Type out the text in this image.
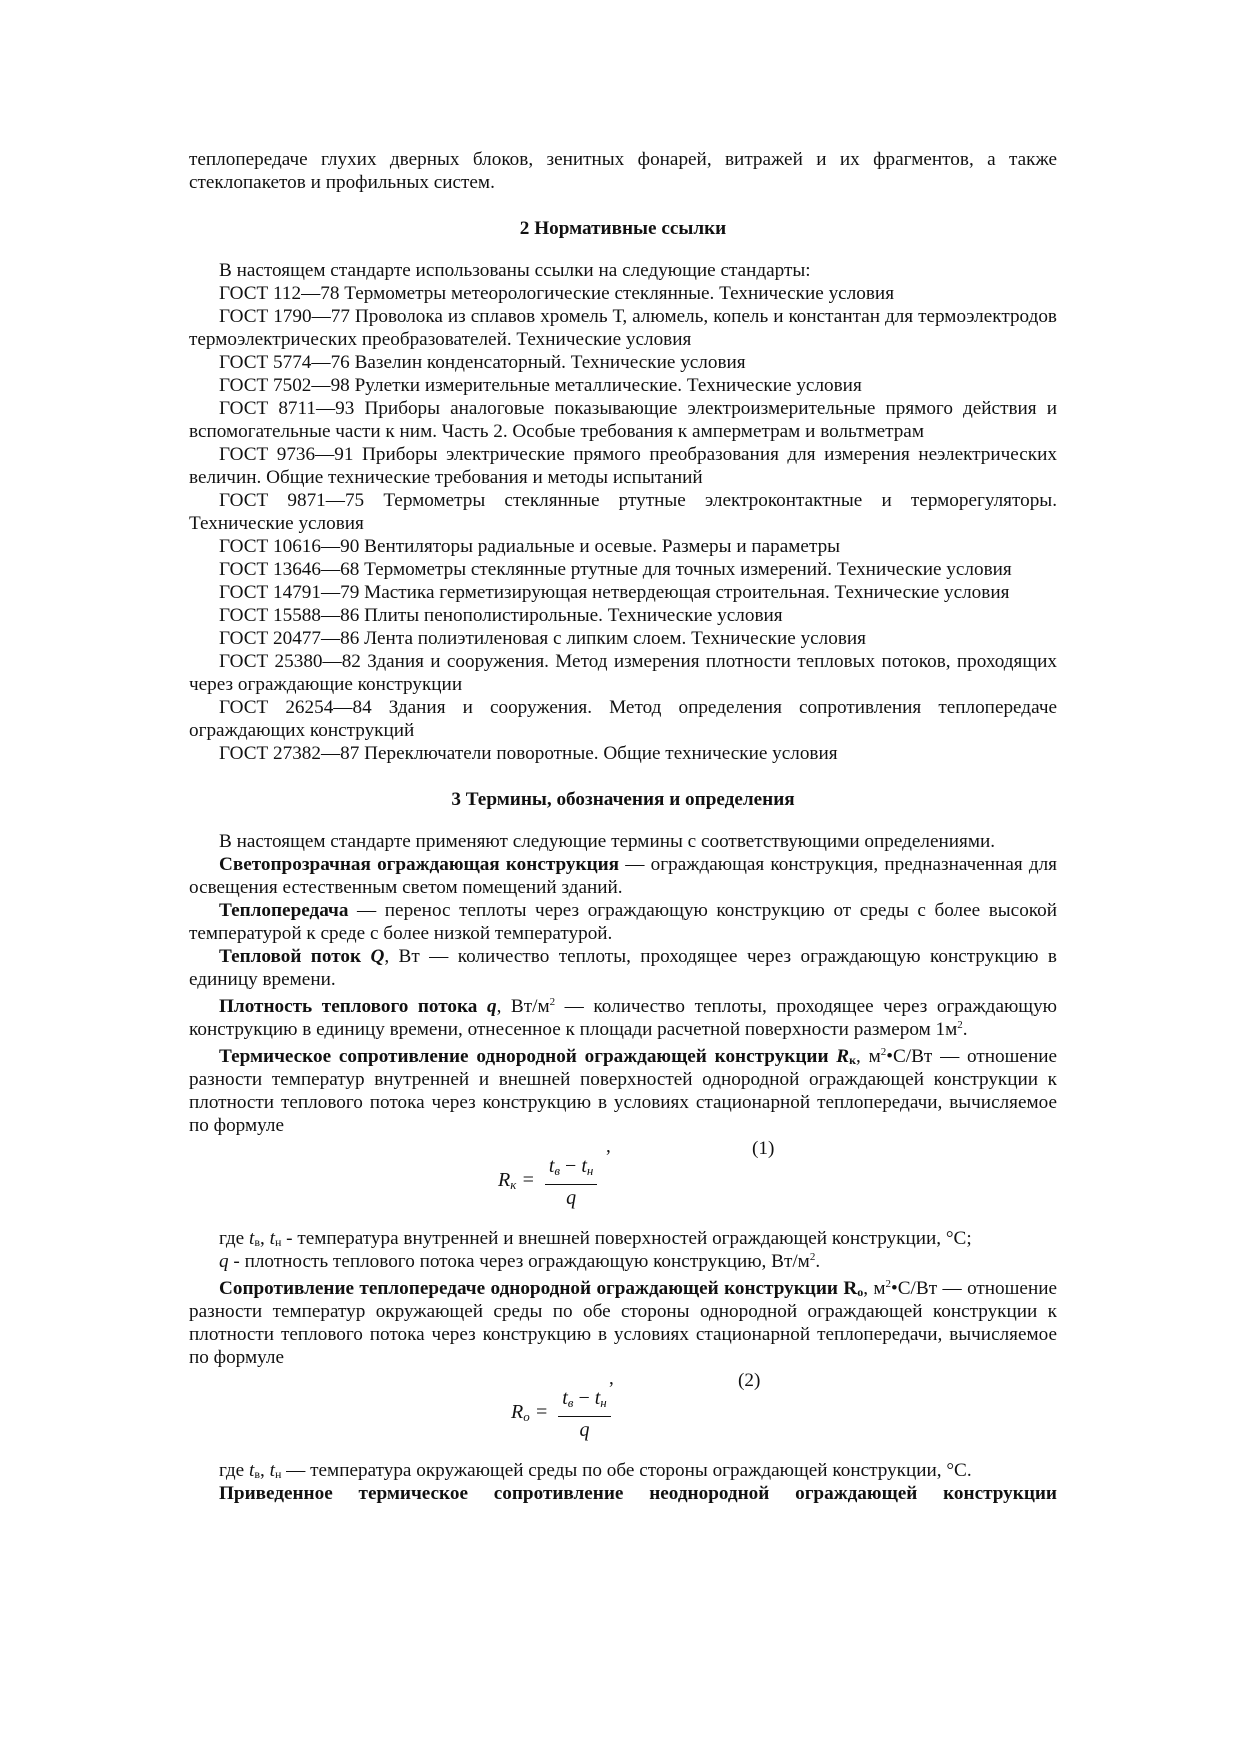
теплопередаче глухих дверных блоков, зенитных фонарей, витражей и их фрагментов, а также стеклопакетов и профильных систем.

2 Нормативные ссылки

В настоящем стандарте использованы ссылки на следующие стандарты:

ГОСТ 112—78 Термометры метеорологические стеклянные. Технические условия

ГОСТ 1790—77 Проволока из сплавов хромель Т, алюмель, копель и константан для термоэлектродов термоэлектрических преобразователей. Технические условия

ГОСТ 5774—76 Вазелин конденсаторный. Технические условия

ГОСТ 7502—98 Рулетки измерительные металлические. Технические условия

ГОСТ 8711—93 Приборы аналоговые показывающие электроизмерительные прямого действия и вспомогательные части к ним. Часть 2. Особые требования к амперметрам и вольтметрам

ГОСТ 9736—91 Приборы электрические прямого преобразования для измерения неэлектрических величин. Общие технические требования и методы испытаний

ГОСТ 9871—75 Термометры стеклянные ртутные электроконтактные и терморегуляторы. Технические условия

ГОСТ 10616—90 Вентиляторы радиальные и осевые. Размеры и параметры

ГОСТ 13646—68 Термометры стеклянные ртутные для точных измерений. Технические условия

ГОСТ 14791—79 Мастика герметизирующая нетвердеющая строительная. Технические условия

ГОСТ 15588—86 Плиты пенополистирольные. Технические условия

ГОСТ 20477—86 Лента полиэтиленовая с липким слоем. Технические условия

ГОСТ 25380—82 Здания и сооружения. Метод измерения плотности тепловых потоков, проходящих через ограждающие конструкции

ГОСТ 26254—84 Здания и сооружения. Метод определения сопротивления теплопередаче ограждающих конструкций

ГОСТ 27382—87 Переключатели поворотные. Общие технические условия

3 Термины, обозначения и определения

В настоящем стандарте применяют следующие термины с соответствующими определениями.

Светопрозрачная ограждающая конструкция — ограждающая конструкция, предназначенная для освещения естественным светом помещений зданий.

Теплопередача — перенос теплоты через ограждающую конструкцию от среды с более высокой температурой к среде с более низкой температурой.

Тепловой поток Q, Вт — количество теплоты, проходящее через ограждающую конструкцию в единицу времени.

Плотность теплового потока q, $Вт/м^2$ — количество теплоты, проходящее через ограждающую конструкцию в единицу времени, отнесенное к площади расчетной поверхности размером $1м^2$.

Термическое сопротивление однородной ограждающей конструкции Rк, $м^2•С/Вт$ — отношение разности температур внутренней и внешней поверхностей однородной ограждающей конструкции к плотности теплового потока через конструкцию в условиях стационарной теплопередачи, вычисляемое по формуле

,	(1)
Rк = $\frac{tв - tн}{q}$

где tв, tн - температура внутренней и внешней поверхностей ограждающей конструкции, °С;

q - плотность теплового потока через ограждающую конструкцию, $Вт/м^2$.

Сопротивление теплопередаче однородной ограждающей конструкции Rо, $м^2•С/Вт$ — отношение разности температур окружающей среды по обе стороны однородной ограждающей конструкции к плотности теплового потока через конструкцию в условиях стационарной теплопередачи, вычисляемое по формуле

,	(2)
Rо = $\frac{tв - tн}{q}$

где tв, tн — температура окружающей среды по обе стороны ограждающей конструкции, °С.

Приведенное термическое сопротивление неоднородной ограждающей конструкции
